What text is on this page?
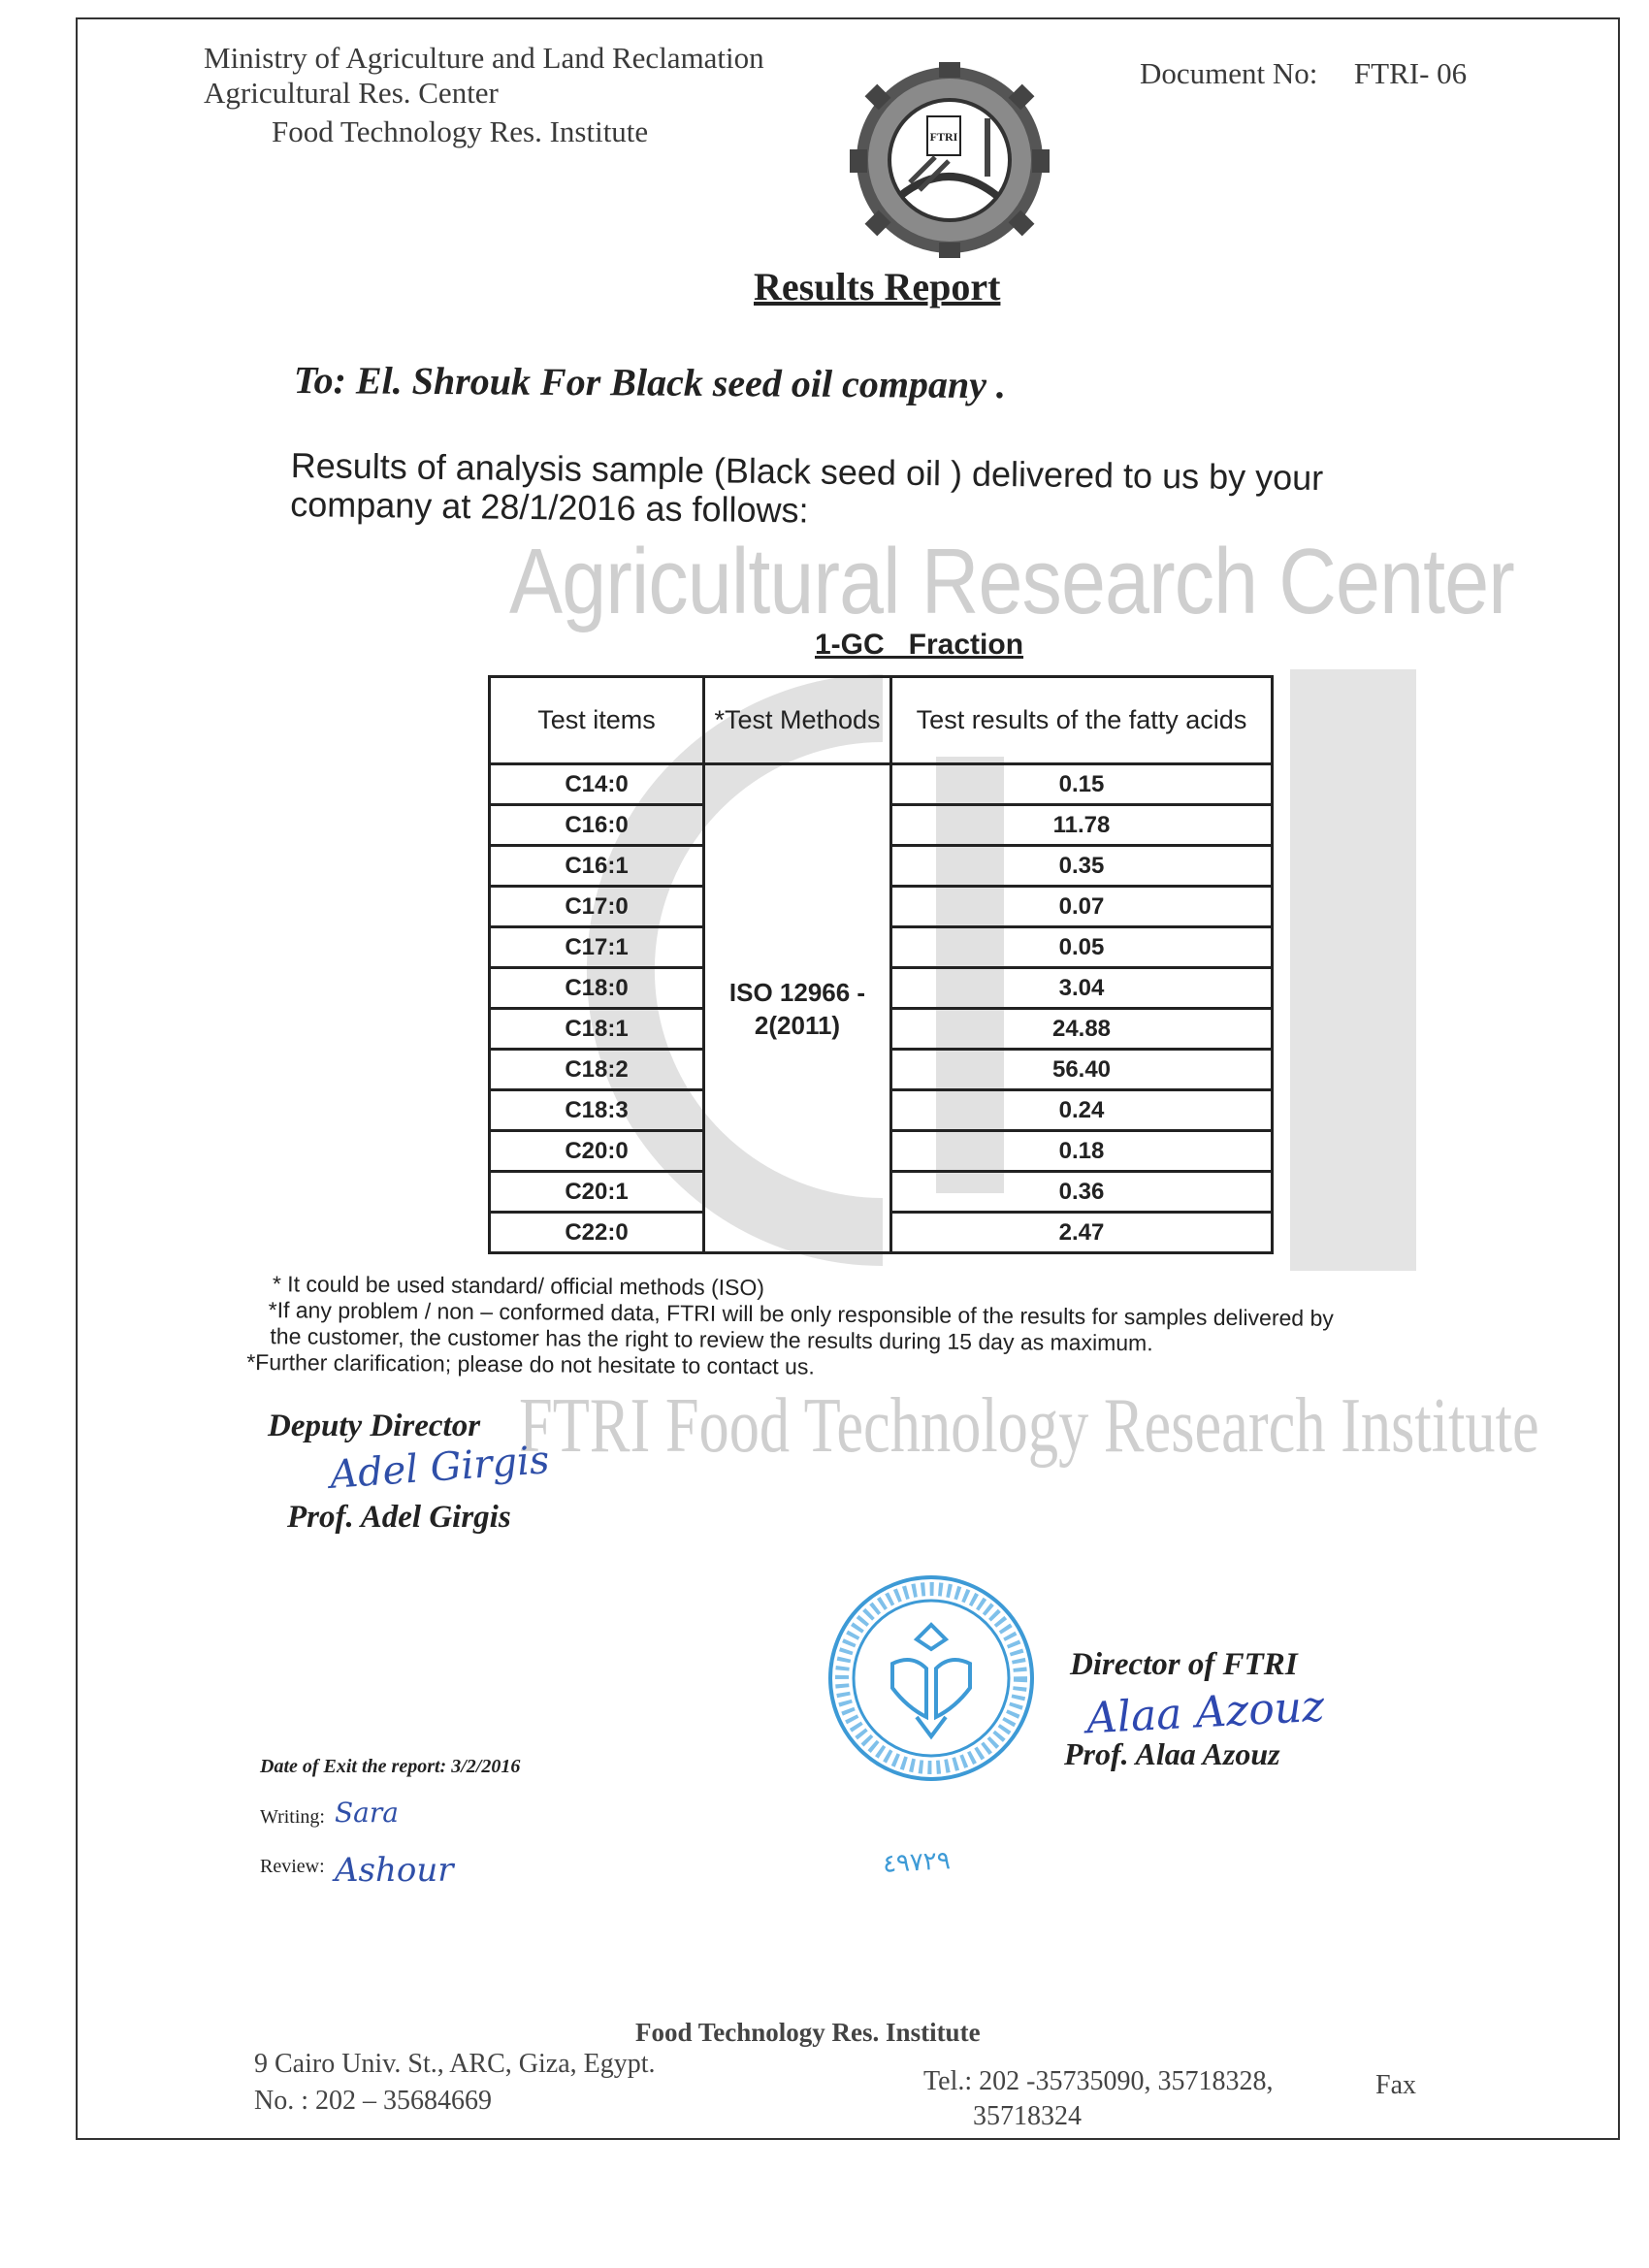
Agricultural Research Center
FTRI Food Technology Research Institute
Ministry of Agriculture and Land Reclamation
Agricultural Res. Center
Food Technology Res. Institute	FTRI
Document No: FTRI- 06
Results Report
To: El. Shrouk For Black seed oil company .
Results of analysis sample (Black seed oil ) delivered to us by your
company at 28/1/2016 as follows:
1-GC   Fraction
Test items	*Test Methods	Test results of the fatty acids
C14:0	ISO 12966 - 2(2011)	0.15
C16:0		11.78
C16:1		0.35
C17:0		0.07
C17:1		0.05
C18:0		3.04
C18:1		24.88
C18:2		56.40
C18:3		0.24
C20:0		0.18
C20:1		0.36
C22:0		2.47
* It could be used standard/ official methods (ISO)
*If any problem / non – conformed data, FTRI will be only responsible of the results for samples delivered by
the customer, the customer has the right to review the results during 15 day as maximum.
*Further clarification; please do not hesitate to contact us.
Deputy Director
Adel Girgis
Prof. Adel Girgis
٤٩٧٢٩
Director of FTRI
Alaa Azouz
Prof. Alaa Azouz
Date of Exit the report: 3/2/2016
Writing: Sara
Review: Ashour
Food Technology Res. Institute
9 Cairo Univ. St., ARC, Giza, Egypt.
No. : 202 – 35684669
Tel.: 202 -35735090, 35718328,	Fax
35718324
